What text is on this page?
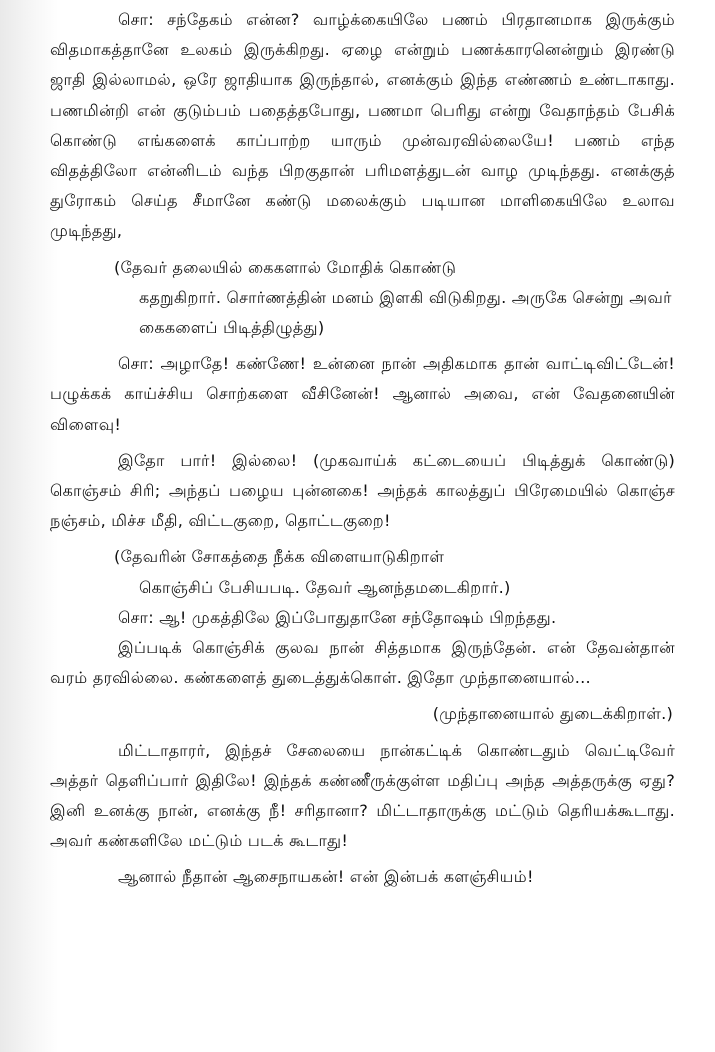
சொ: சந்தேகம் என்ன? வாழ்க்கையிலே பணம் பிரதானமாக இருக்கும் விதமாகத்தானே உலகம் இருக்கிறது. ஏழை என்றும் பணக்காரனென்றும் இரண்டு ஜாதி இல்லாமல், ஒரே ஜாதியாக இருந்தால், எனக்கும் இந்த எண்ணம் உண்டாகாது. பணமின்றி என் குடும்பம் பதைத்தபோது, பணமா பெரிது என்று வேதாந்தம் பேசிக் கொண்டு எங்களைக் காப்பாற்ற யாரும் முன்வரவில்லையே! பணம் எந்த விதத்திலோ என்னிடம் வந்த பிறகுதான் பரிமளத்துடன் வாழ முடிந்தது. எனக்குத் துரோகம் செய்த சீமானே கண்டு மலைக்கும் படியான மாளிகையிலே உலாவ முடிந்தது,

(தேவர் தலையில் கைகளால் மோதிக் கொண்டு
கதறுகிறார். சொர்ணத்தின் மனம் இளகி விடுகிறது. அருகே சென்று அவர் கைகளைப் பிடித்திழுத்து)

சொ: அழாதே! கண்ணே! உன்னை நான் அதிகமாக தான் வாட்டிவிட்டேன்! பழுக்கக் காய்ச்சிய சொற்களை வீசினேன்! ஆனால் அவை, என் வேதனையின் விளைவு!

இதோ பார்! இல்லை! (முகவாய்க் கட்டையைப் பிடித்துக் கொண்டு) கொஞ்சம் சிரி; அந்தப் பழைய புன்னகை! அந்தக் காலத்துப் பிரேமையில் கொஞ்ச நஞ்சம், மிச்ச மீதி, விட்டகுறை, தொட்டகுறை!

(தேவரின் சோகத்தை நீக்க விளையாடுகிறாள்
கொஞ்சிப் பேசியபடி. தேவர் ஆனந்தமடைகிறார்.)

சொ: ஆ! முகத்திலே இப்போதுதானே சந்தோஷம் பிறந்தது.

இப்படிக் கொஞ்சிக் குலவ நான் சித்தமாக இருந்தேன். என் தேவன்தான் வரம் தரவில்லை. கண்களைத் துடைத்துக்கொள். இதோ முந்தானையால்...

(முந்தானையால் துடைக்கிறாள்.)

மிட்டாதாரர், இந்தச் சேலையை நான்கட்டிக் கொண்டதும் வெட்டிவேர் அத்தர் தெளிப்பார் இதிலே! இந்தக் கண்ணீருக்குள்ள மதிப்பு அந்த அத்தருக்கு ஏது? இனி உனக்கு நான், எனக்கு நீ! சரிதானா? மிட்டாதாருக்கு மட்டும் தெரியக்கூடாது. அவர் கண்களிலே மட்டும் படக் கூடாது!

ஆனால் நீதான் ஆசைநாயகன்! என் இன்பக் களஞ்சியம்!
